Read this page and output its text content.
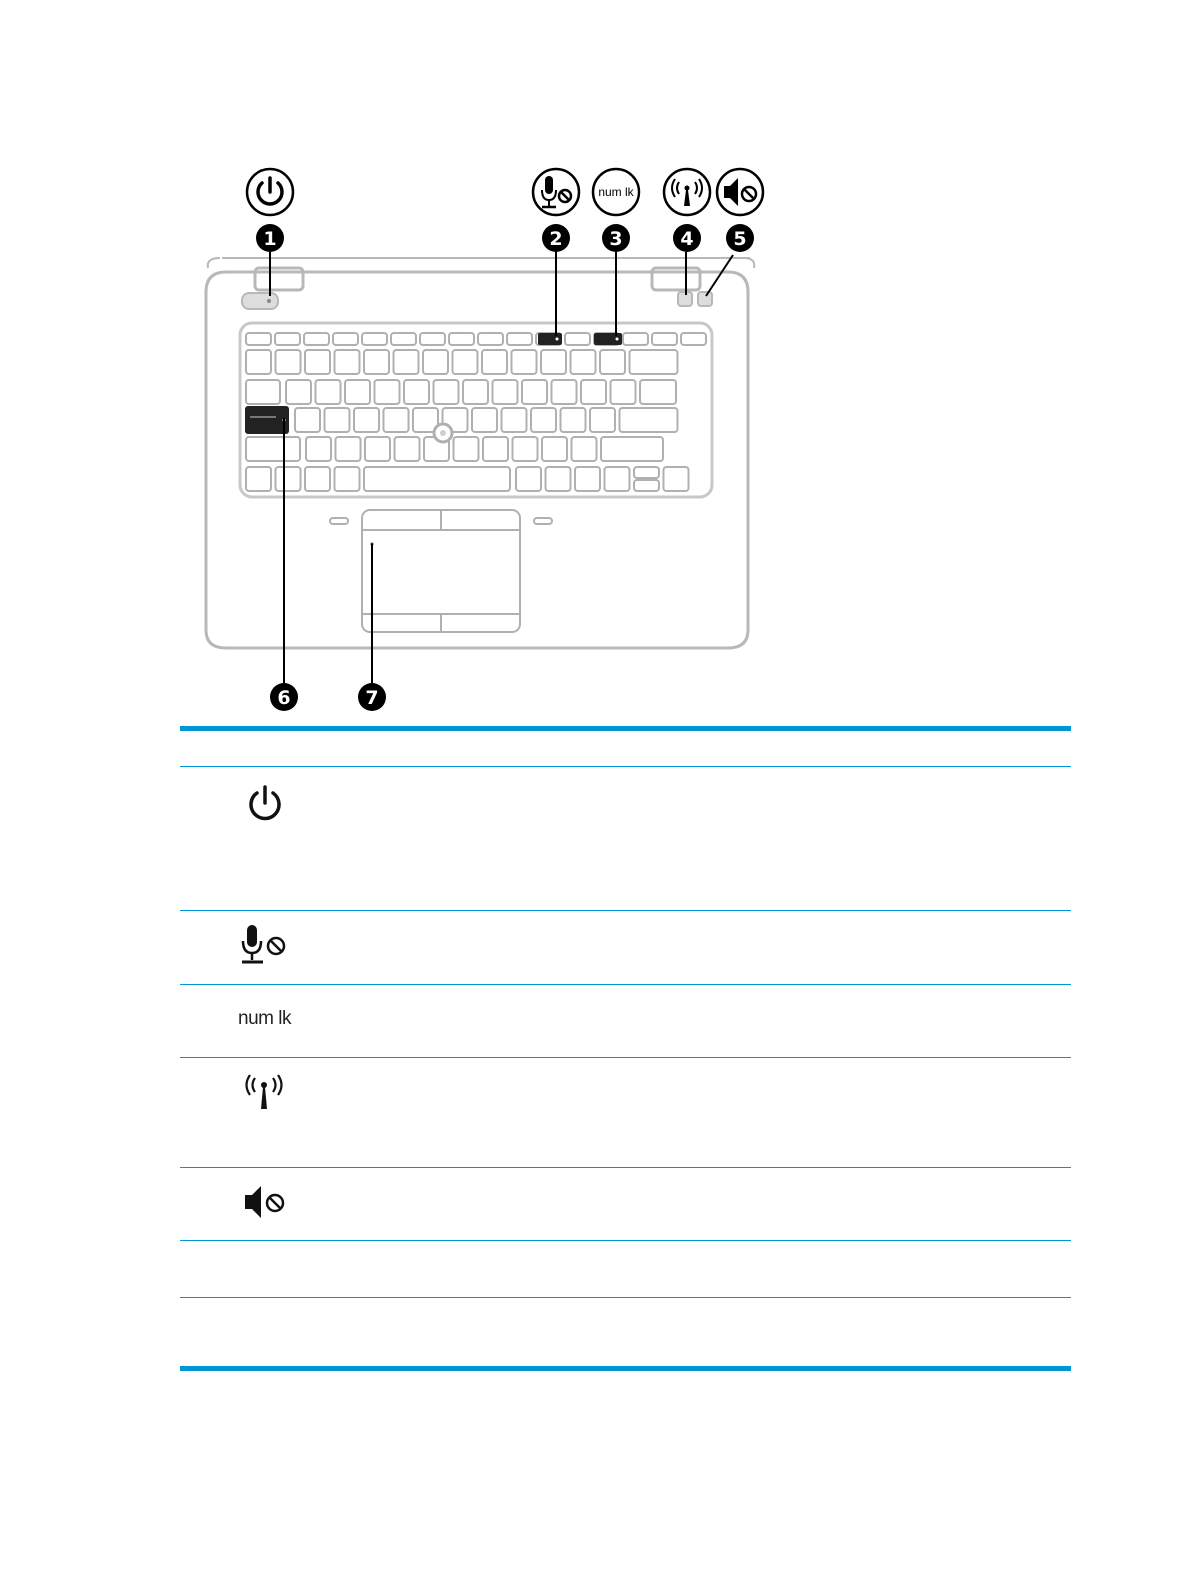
num lk
1	2 3	4 5
6	7
num lk
